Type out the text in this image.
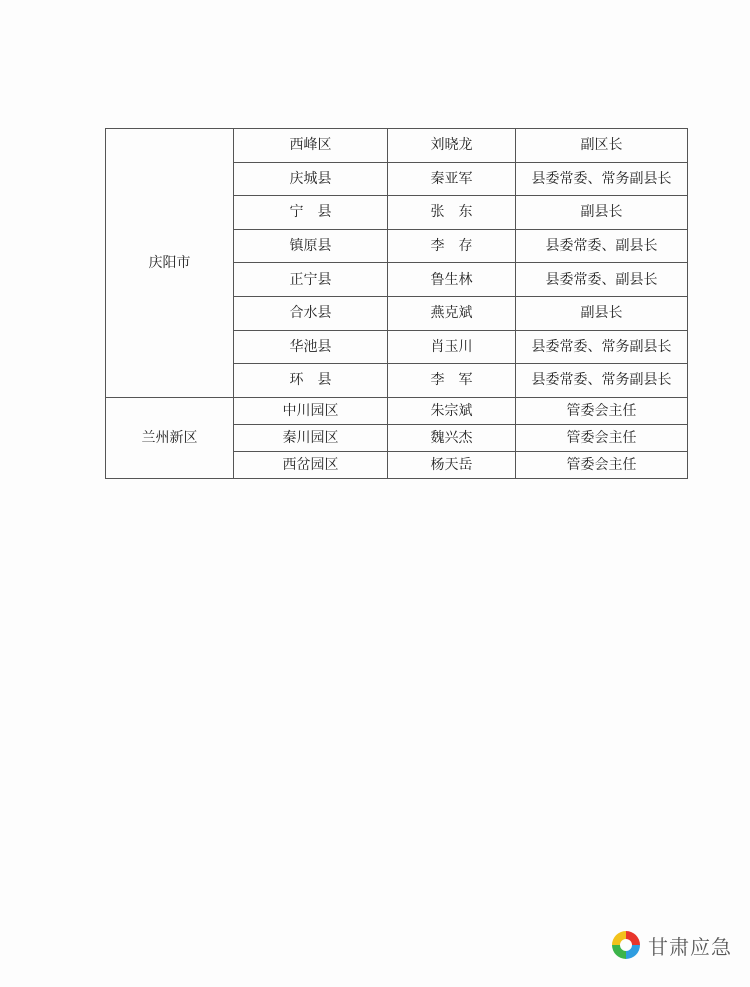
庆阳市	西峰区	刘晓龙	副区长
	庆城县	秦亚军	县委常委、常务副县长
	宁　县	张　东	副县长
	镇原县	李　存	县委常委、副县长
	正宁县	鲁生林	县委常委、副县长
	合水县	燕克斌	副县长
	华池县	肖玉川	县委常委、常务副县长
	环　县	李　军	县委常委、常务副县长
兰州新区	中川园区	朱宗斌	管委会主任
	秦川园区	魏兴杰	管委会主任
	西岔园区	杨天岳	管委会主任
甘肃应急
